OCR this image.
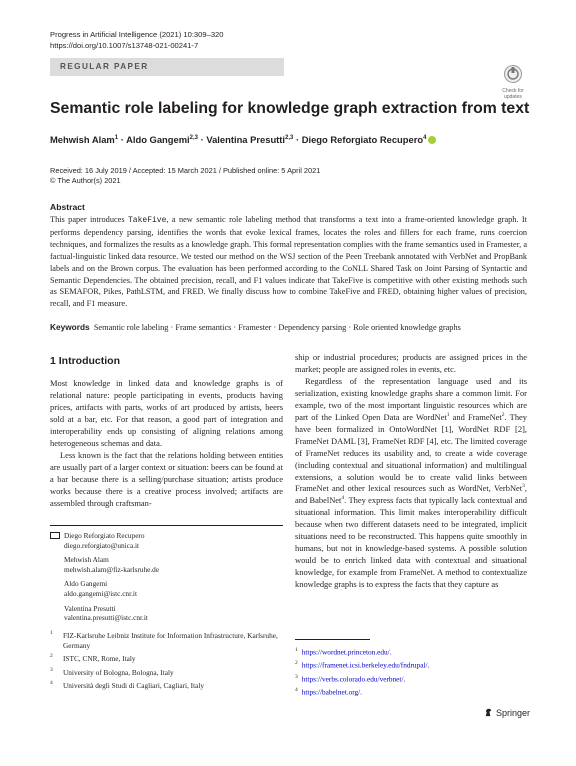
Progress in Artificial Intelligence (2021) 10:309–320
https://doi.org/10.1007/s13748-021-00241-7
REGULAR PAPER
Check for updates
Semantic role labeling for knowledge graph extraction from text
Mehwish Alam$^1$ · Aldo Gangemi$^{2,3}$ · Valentina Presutti$^{2,3}$ · Diego Reforgiato Recupero$^4$
Received: 16 July 2019 / Accepted: 15 March 2021 / Published online: 5 April 2021
© The Author(s) 2021
Abstract
This paper introduces TakeFive, a new semantic role labeling method that transforms a text into a frame-oriented knowledge graph. It performs dependency parsing, identifies the words that evoke lexical frames, locates the roles and fillers for each frame, runs coercion techniques, and formalizes the results as a knowledge graph. This formal representation complies with the frame semantics used in Framester, a factual-linguistic linked data resource. We tested our method on the WSJ section of the Peen Treebank annotated with VerbNet and PropBank labels and on the Brown corpus. The evaluation has been performed according to the CoNLL Shared Task on Joint Parsing of Syntactic and Semantic Dependencies. The obtained precision, recall, and F1 values indicate that TakeFive is competitive with other existing methods such as SEMAFOR, Pikes, PathLSTM, and FRED. We finally discuss how to combine TakeFive and FRED, obtaining higher values of precision, recall, and F1 measure.
Keywords Semantic role labeling · Frame semantics · Framester · Dependency parsing · Role oriented knowledge graphs
1 Introduction

Most knowledge in linked data and knowledge graphs is of relational nature: people participating in events, products having prices, artifacts with parts, works of art produced by artists, beers sold at a bar, etc. For that reason, a good part of integration and interoperability ends up consisting of aligning relations among heterogeneous schemas and data.

Less known is the fact that the relations holding between entities are usually part of a larger context or situation: beers can be found at a bar because there is a selling/purchase situation; artists produce works because there is a creative process involved; artifacts are assembled through craftsman-

Diego Reforgiato Recupero
diego.reforgiato@unica.it
Mehwish Alam
mehwish.alam@fiz-karlsruhe.de
Aldo Gangemi
aldo.gangemi@istc.cnr.it
Valentina Presutti
valentina.presutti@istc.cnr.it
1 FIZ-Karlsruhe Leibniz Institute for Information Infrastructure, Karlsruhe, Germany
2 ISTC, CNR, Rome, Italy
3 University of Bologna, Bologna, Italy
4 Università degli Studi di Cagliari, Cagliari, Italy

ship or industrial procedures; products are assigned prices in the market; people are assigned roles in events, etc.

Regardless of the representation language used and its serialization, existing knowledge graphs share a common limit. For example, two of the most important linguistic resources which are part of the Linked Open Data are WordNet$^1$ and FrameNet$^2$. They have been formalized in OntoWordNet [1], WordNet RDF [2], FrameNet DAML [3], FrameNet RDF [4], etc. The limited coverage of FrameNet reduces its usability and, to create a wide coverage (including contextual and situational information) and multilingual extensions, a solution would be to create valid links between FrameNet and other lexical resources such as WordNet, VerbNet$^3$, and BabelNet$^4$. They express facts that typically lack contextual and situational information. This limit makes interoperability difficult because when two different datasets need to be integrated, implicit situations need to be reconstructed. This happens quite smoothly in humans, but not in knowledge-based systems. A possible solution would be to enrich linked data with contextual and situational knowledge, for example from FrameNet. A method to contextualize knowledge graphs is to express the facts that they capture as

$^1$ https://wordnet.princeton.edu/.
$^2$ https://framenet.icsi.berkeley.edu/fndrupal/.
$^3$ https://verbs.colorado.edu/verbnet/.
$^4$ https://babelnet.org/.
Springer
